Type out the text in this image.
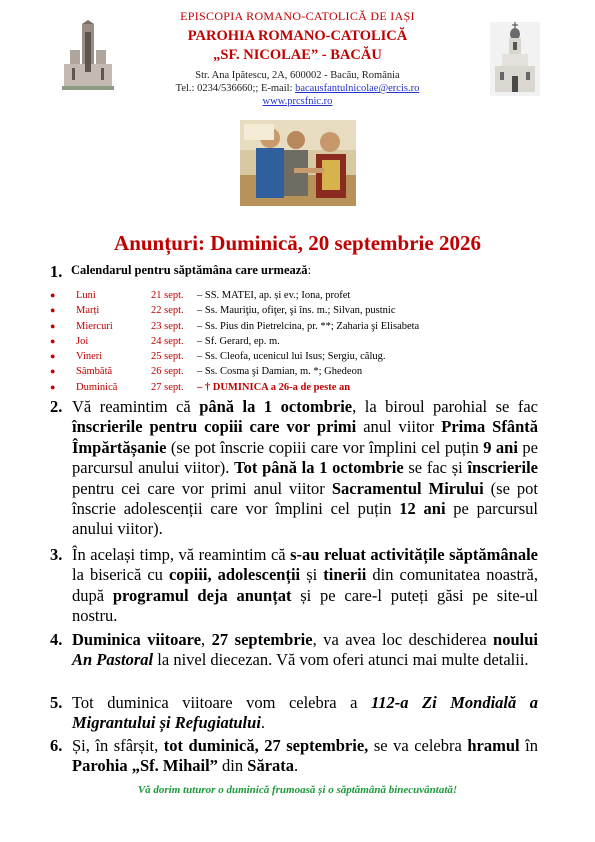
EPISCOPIA ROMANO-CATOLICĂ DE IAȘI
PAROHIA ROMANO-CATOLICĂ
„SF. NICOLAE” - BACĂU
Str. Ana Ipătescu, 2A, 600002 - Bacău, România
Tel.: 0234/536660;; E-mail: bacausfantulnicolae@ercis.ro
www.prcsfnic.ro
Anunțuri: Duminică, 20 septembrie 2026
1. Calendarul pentru săptămâna care urmează:
● Luni	21 sept. – SS. MATEI, ap. și ev.; Iona, profet
● Marți	22 sept. – Ss. Mauriţiu, ofiţer, şi îns. m.; Silvan, pustnic
● Miercuri	23 sept. – Ss. Pius din Pietrelcina, pr. **; Zaharia şi Elisabeta
● Joi	24 sept. – Sf. Gerard, ep. m.
● Vineri	25 sept. – Ss. Cleofa, ucenicul lui Isus; Sergiu, călug.
● Sâmbătă	26 sept. – Ss. Cosma şi Damian, m. *; Ghedeon
● Duminică	27 sept. – † DUMINICA a 26-a de peste an
2. Vă reamintim că până la 1 octombrie, la biroul parohial se fac înscrierile pentru copiii care vor primi anul viitor Prima Sfântă Împărtășanie (se pot înscrie copiii care vor împlini cel puțin 9 ani pe parcursul anului viitor). Tot până la 1 octombrie se fac și înscrierile pentru cei care vor primi anul viitor Sacramentul Mirului (se pot înscrie adolescenții care vor împlini cel puțin 12 ani pe parcursul anului viitor).
3. În același timp, vă reamintim că s-au reluat activitățile săptămânale la biserică cu copiii, adolescenții și tinerii din comunitatea noastră, după programul deja anunțat și pe care-l puteți găsi pe site-ul nostru.
4. Duminica viitoare, 27 septembrie, va avea loc deschiderea noului An Pastoral la nivel diecezan. Vă vom oferi atunci mai multe detalii.
5. Tot duminica viitoare vom celebra a 112-a Zi Mondială a Migrantului și Refugiatului.
6. Și, în sfârșit, tot duminică, 27 septembrie, se va celebra hramul în Parohia „Sf. Mihail” din Sărata.
Vă dorim tuturor o duminică frumoasă și o săptămână binecuvântată!
